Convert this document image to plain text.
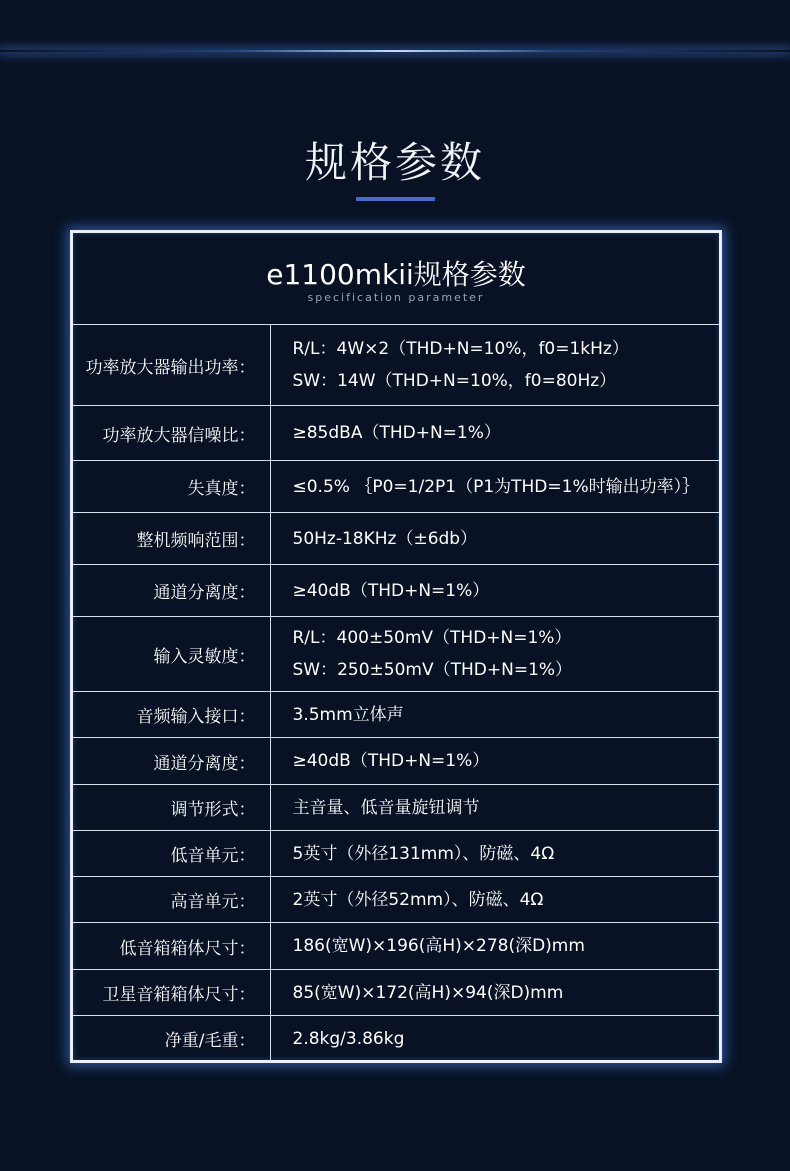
规格参数
e1100mkii规格参数
specification parameter
功率放大器输出功率：	R/L：4W×2（THD+N=10%，f0=1kHz）
SW：14W（THD+N=10%，f0=80Hz）

功率放大器信噪比：	≥85dBA（THD+N=1%）

失真度：	≤0.5% ｛P0=1/2P1（P1为THD=1%时输出功率）｝

整机频响范围：	50Hz-18KHz（±6db）

通道分离度：	≥40dB（THD+N=1%）

输入灵敏度：	R/L：400±50mV（THD+N=1%）
SW：250±50mV（THD+N=1%）

音频输入接口：	3.5mm立体声

通道分离度：	≥40dB（THD+N=1%）

调节形式：	主音量、低音量旋钮调节

低音单元：	5英寸（外径131mm）、防磁、4Ω

高音单元：	2英寸（外径52mm）、防磁、4Ω

低音箱箱体尺寸：	186(宽W)×196(高H)×278(深D)mm

卫星音箱箱体尺寸：	85(宽W)×172(高H)×94(深D)mm

净重/毛重：	2.8kg/3.86kg
